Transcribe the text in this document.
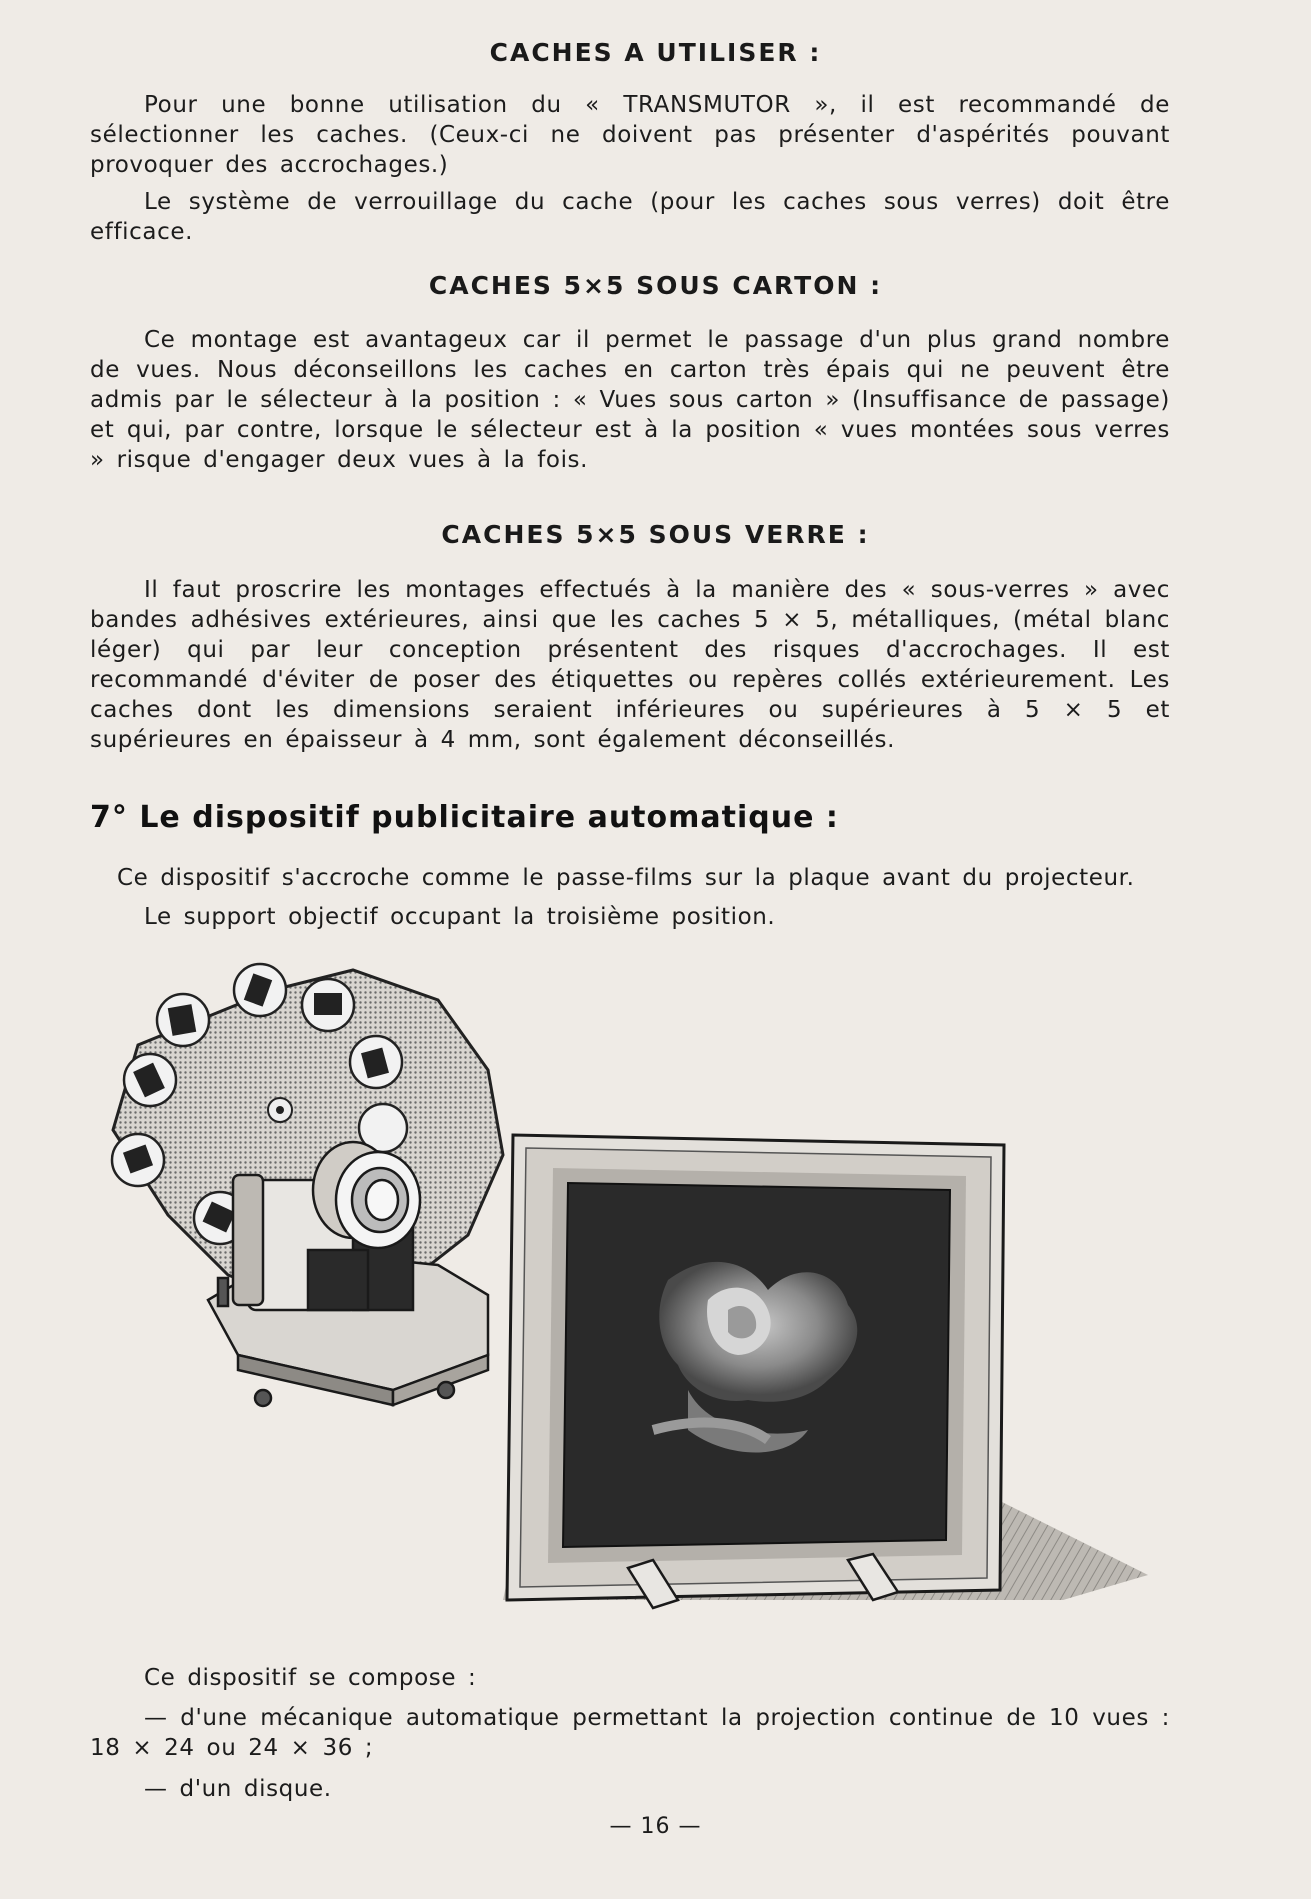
CACHES A UTILISER :
Pour une bonne utilisation du « TRANSMUTOR », il est recommandé de sélectionner les caches. (Ceux-ci ne doivent pas présenter d'aspérités pouvant provoquer des accrochages.)
Le système de verrouillage du cache (pour les caches sous verres) doit être efficace.
CACHES 5×5 SOUS CARTON :
Ce montage est avantageux car il permet le passage d'un plus grand nombre de vues. Nous déconseillons les caches en carton très épais qui ne peuvent être admis par le sélecteur à la position : « Vues sous carton » (Insuffisance de passage) et qui, par contre, lorsque le sélecteur est à la position « vues montées sous verres » risque d'engager deux vues à la fois.
CACHES 5×5 SOUS VERRE :
Il faut proscrire les montages effectués à la manière des « sous-verres » avec bandes adhésives extérieures, ainsi que les caches 5 × 5, métalliques, (métal blanc léger) qui par leur conception présentent des risques d'accrochages. Il est recommandé d'éviter de poser des étiquettes ou repères collés extérieurement. Les caches dont les dimensions seraient inférieures ou supérieures à 5 × 5 et supérieures en épaisseur à 4 mm, sont également déconseillés.
7° Le dispositif publicitaire automatique :
Ce dispositif s'accroche comme le passe-films sur la plaque avant du projecteur.
Le support objectif occupant la troisième position.
Ce dispositif se compose :
— d'une mécanique automatique permettant la projection continue de 10 vues : 18 × 24 ou 24 × 36 ;
— d'un disque.
— 16 —
